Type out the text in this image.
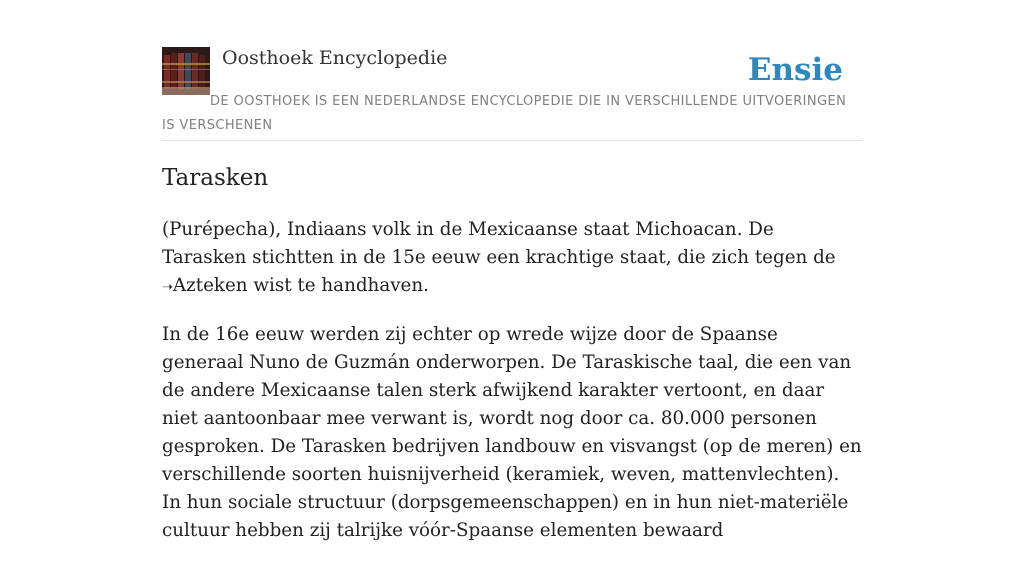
Oosthoek Encyclopedie	Ensie

DE OOSTHOEK IS EEN NEDERLANDSE ENCYCLOPEDIE DIE IN VERSCHILLENDE UITVOERINGEN IS VERSCHENEN

Tarasken

(Purépecha), Indiaans volk in de Mexicaanse staat Michoacan. De Tarasken stichtten in de 15e eeuw een krachtige staat, die zich tegen de ➝Azteken wist te handhaven.

In de 16e eeuw werden zij echter op wrede wijze door de Spaanse generaal Nuno de Guzmán onderworpen. De Taraskische taal, die een van de andere Mexicaanse talen sterk afwijkend karakter vertoont, en daar niet aantoonbaar mee verwant is, wordt nog door ca. 80.000 personen gesproken. De Tarasken bedrijven landbouw en visvangst (op de meren) en verschillende soorten huisnijverheid (keramiek, weven, mattenvlechten). In hun sociale structuur (dorpsgemeenschappen) en in hun niet-materiële cultuur hebben zij talrijke vóór-Spaanse elementen bewaard
